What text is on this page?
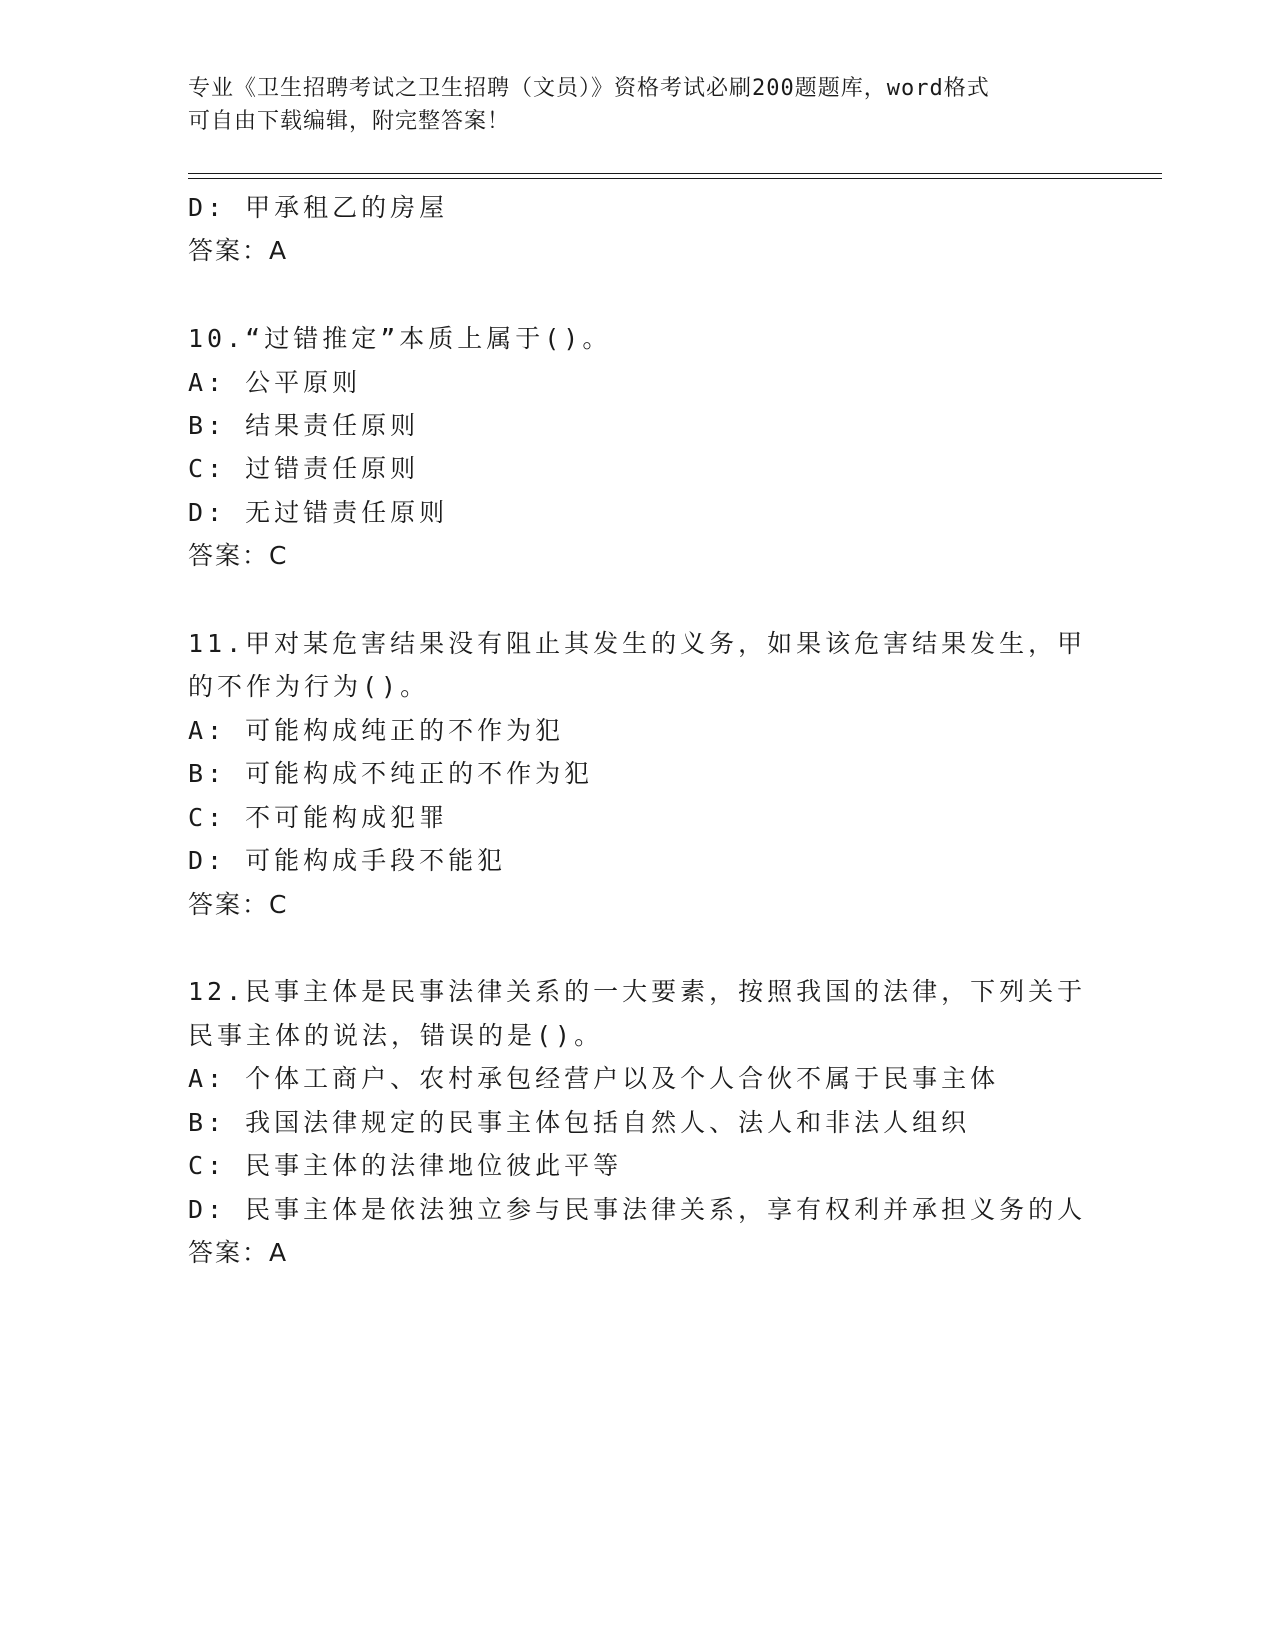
专业《卫生招聘考试之卫生招聘（文员）》资格考试必刷200题题库，word格式
可自由下载编辑，附完整答案！
D: 甲承租乙的房屋
答案：A
10.“过错推定”本质上属于()。
A: 公平原则
B: 结果责任原则
C: 过错责任原则
D: 无过错责任原则
答案：C
11.甲对某危害结果没有阻止其发生的义务，如果该危害结果发生，甲
的不作为行为()。
A: 可能构成纯正的不作为犯
B: 可能构成不纯正的不作为犯
C: 不可能构成犯罪
D: 可能构成手段不能犯
答案：C
12.民事主体是民事法律关系的一大要素，按照我国的法律，下列关于
民事主体的说法，错误的是()。
A: 个体工商户、农村承包经营户以及个人合伙不属于民事主体
B: 我国法律规定的民事主体包括自然人、法人和非法人组织
C: 民事主体的法律地位彼此平等
D: 民事主体是依法独立参与民事法律关系，享有权利并承担义务的人
答案：A
